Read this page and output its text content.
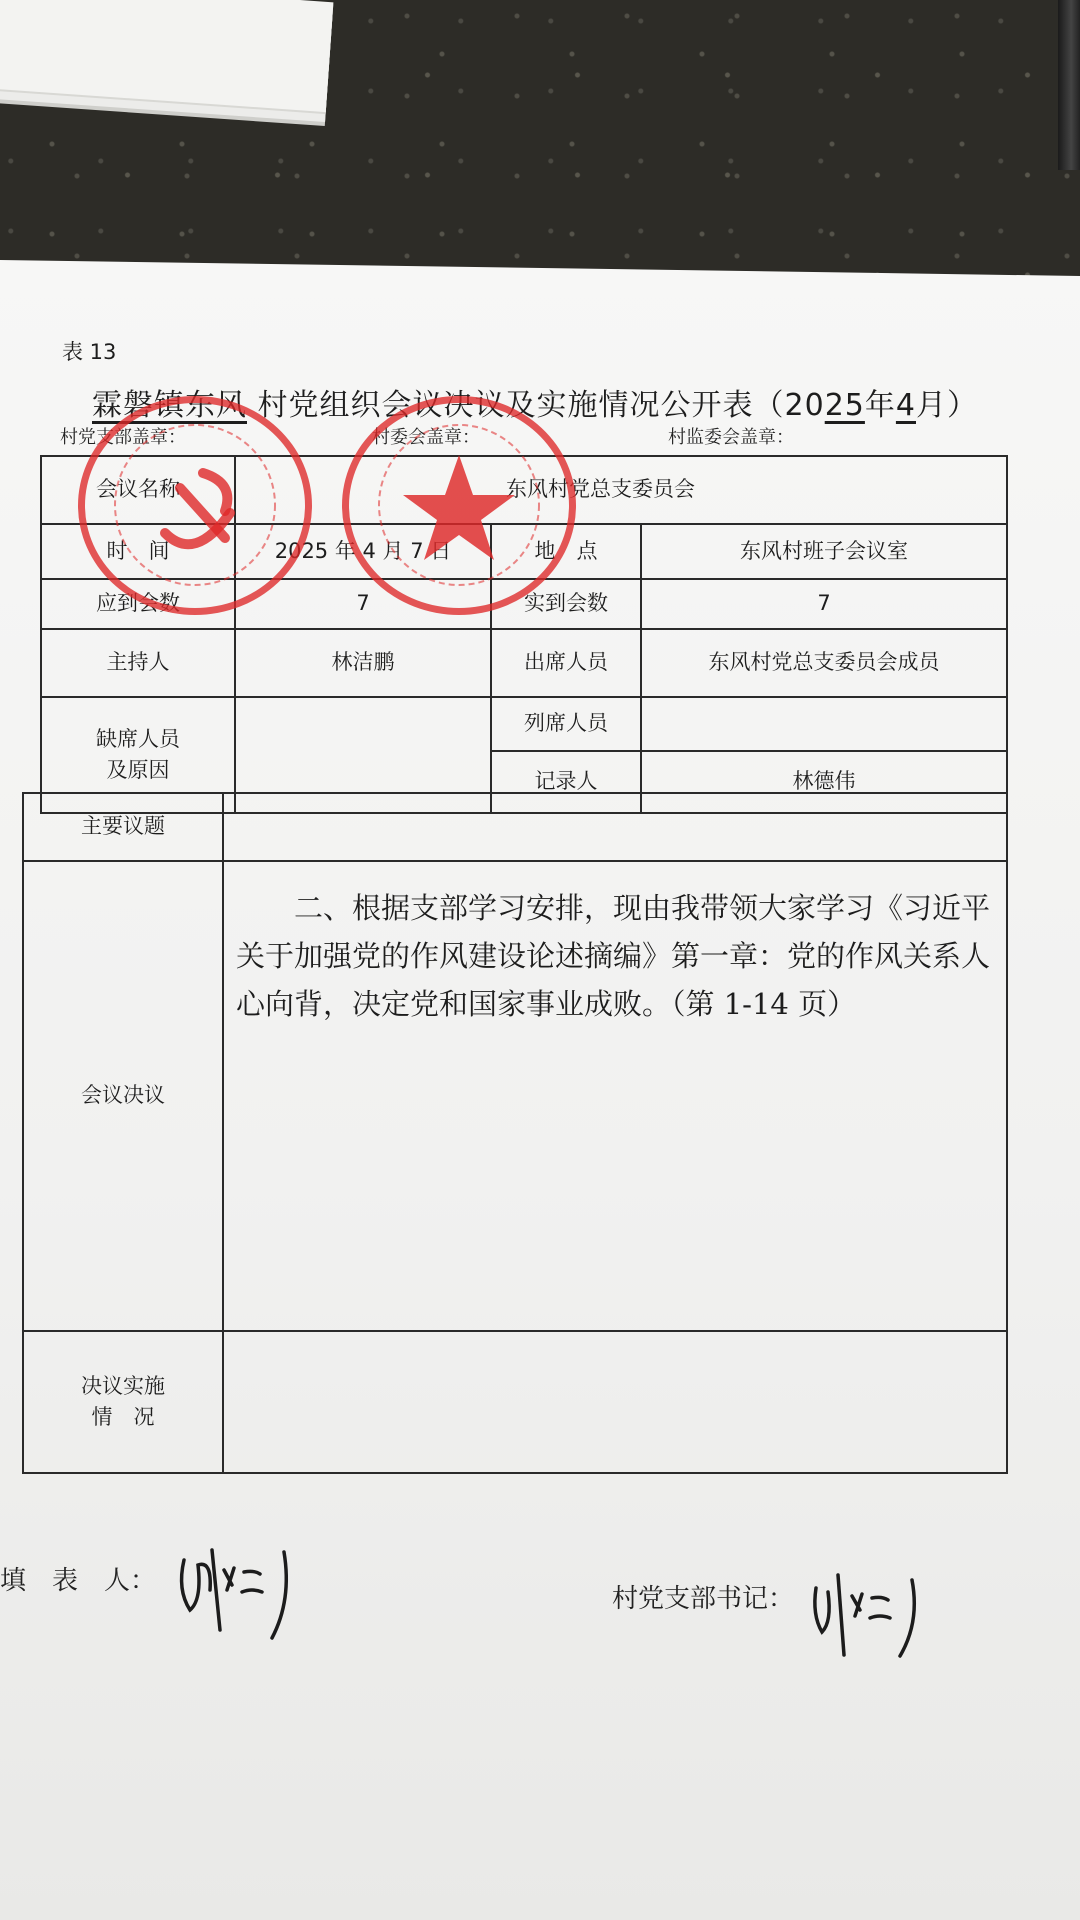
表 13
霖磐镇东风 村党组织会议决议及实施情况公开表（2025年4月）
村党支部盖章：	村委会盖章：	村监委会盖章：
会议名称	东风村党总支委员会		
时　间	2025 年 4 月 7 日	地　点	东风村班子会议室
应到会数	7	实到会数	7
主持人	林洁鹏	出席人员	东风村党总支委员会成员

缺席人员
及原因		列席人员	
		记录人	林德伟
主要议题	
会议决议	二、根据支部学习安排，现由我带领大家学习《习近平关于加强党的作风建设论述摘编》第一章：党的作风关系人心向背，决定党和国家事业成败。（第 1-14 页）

决议实施
情　况	

填　表　人：
村党支部书记：
